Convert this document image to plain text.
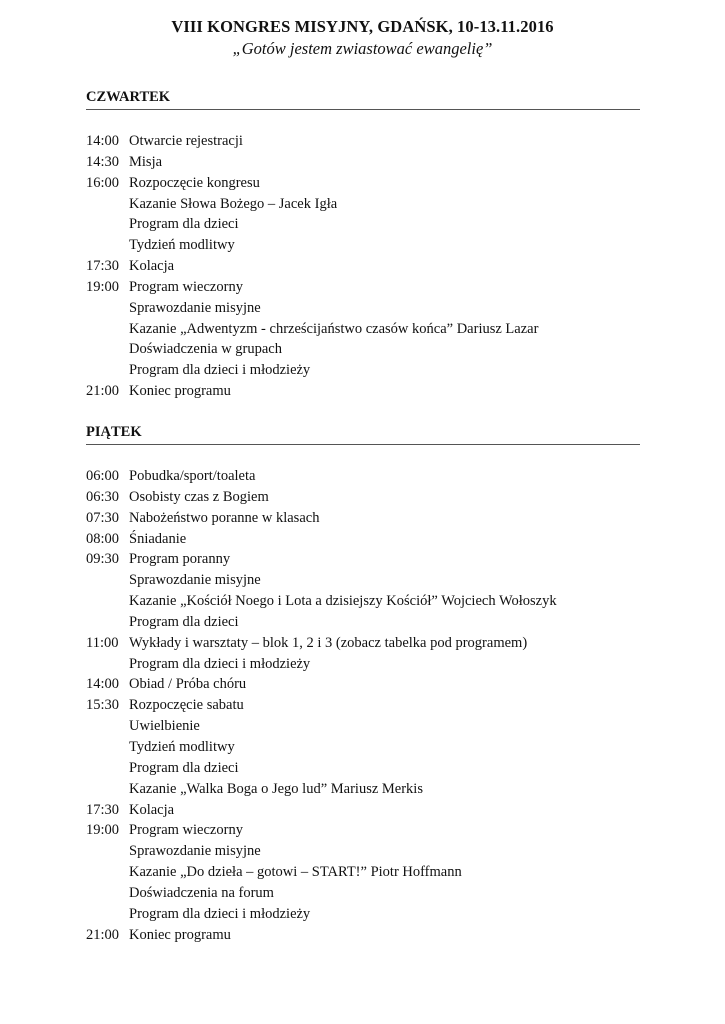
VIII KONGRES MISYJNY, GDAŃSK, 10-13.11.2016
„Gotów jestem zwiastować ewangelię”
CZWARTEK
14:00 Otwarcie rejestracji
14:30 Misja
16:00 Rozpoczęcie kongresu
Kazanie Słowa Bożego – Jacek Igła
Program dla dzieci
Tydzień modlitwy
17:30 Kolacja
19:00 Program wieczorny
Sprawozdanie misyjne
Kazanie „Adwentyzm - chrześcijaństwo czasów końca” Dariusz Lazar
Doświadczenia w grupach
Program dla dzieci i młodzieży
21:00 Koniec programu
PIĄTEK
06:00 Pobudka/sport/toaleta
06:30 Osobisty czas z Bogiem
07:30 Nabożeństwo poranne w klasach
08:00 Śniadanie
09:30 Program poranny
Sprawozdanie misyjne
Kazanie „Kościół Noego i Lota a dzisiejszy Kościół” Wojciech Wołoszyk
Program dla dzieci
11:00 Wykłady i warsztaty – blok 1, 2 i 3 (zobacz tabelka pod programem)
Program dla dzieci i młodzieży
14:00 Obiad / Próba chóru
15:30 Rozpoczęcie sabatu
Uwielbienie
Tydzień modlitwy
Program dla dzieci
Kazanie „Walka Boga o Jego lud” Mariusz Merkis
17:30 Kolacja
19:00 Program wieczorny
Sprawozdanie misyjne
Kazanie „Do dzieła – gotowi – START!” Piotr Hoffmann
Doświadczenia na forum
Program dla dzieci i młodzieży
21:00 Koniec programu
